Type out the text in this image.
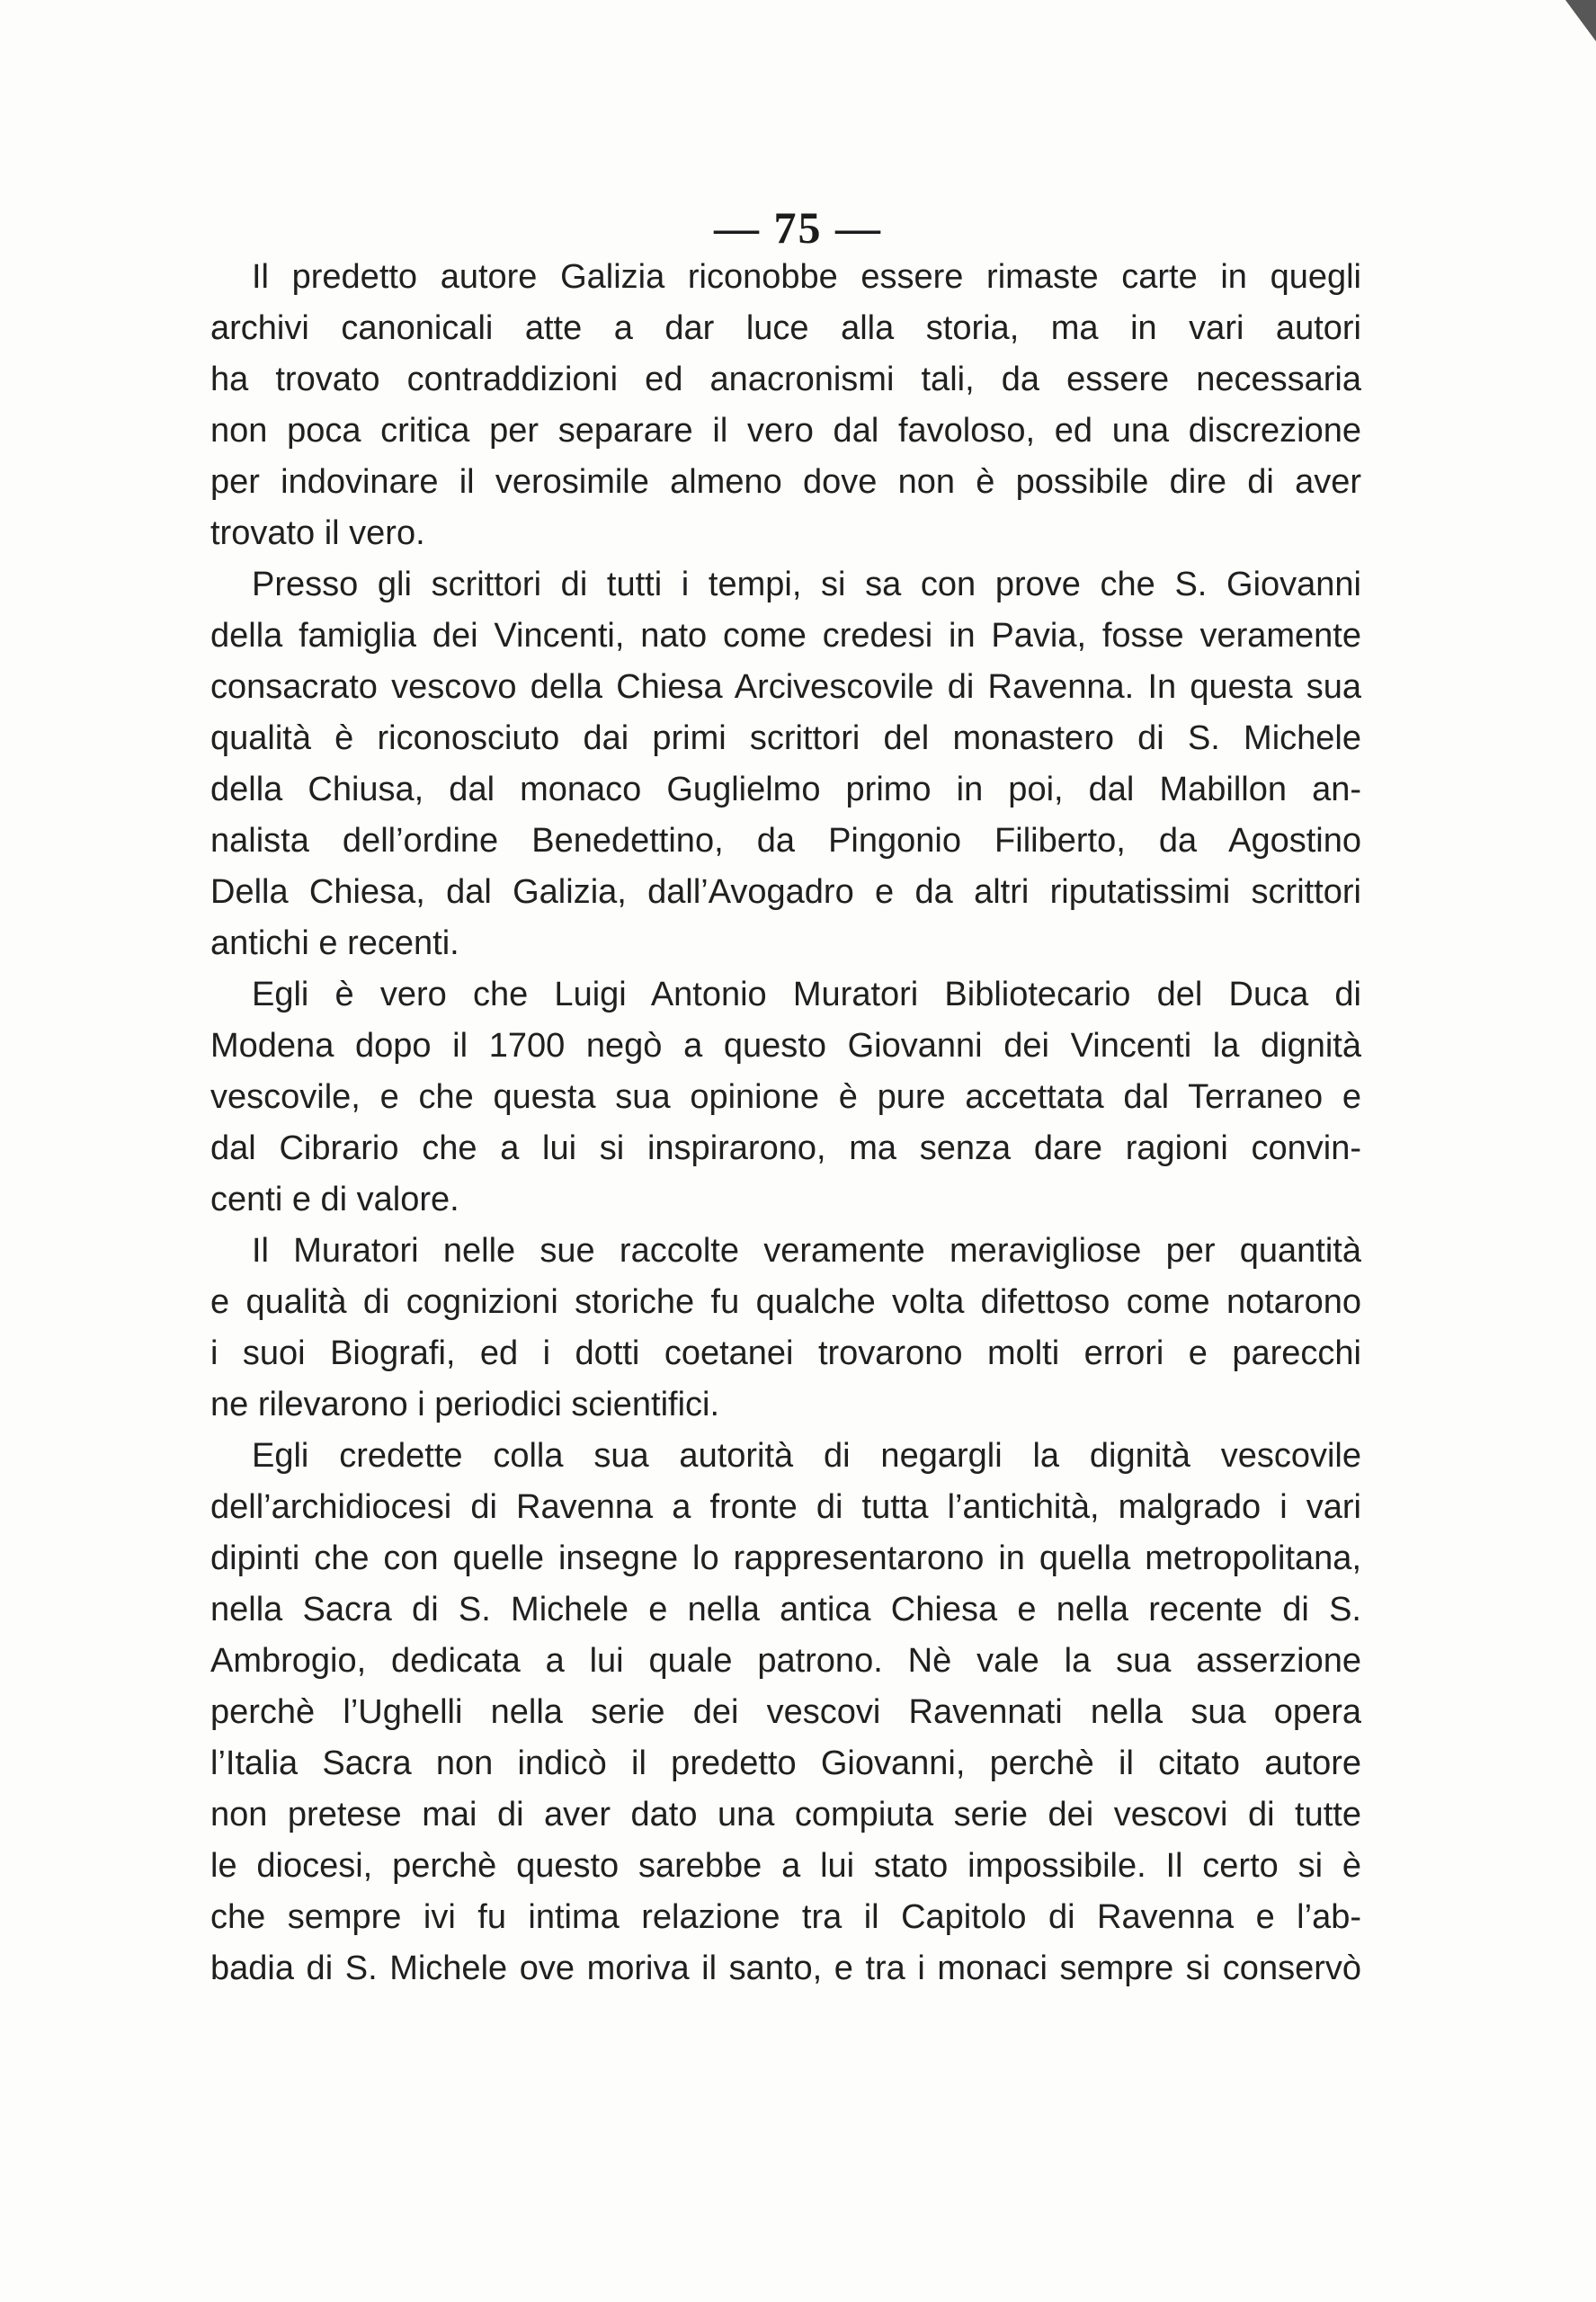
— 75 —

Il predetto autore Galizia riconobbe essere rimaste carte in quegli
archivi canonicali atte a dar luce alla storia, ma in vari autori
ha trovato contraddizioni ed anacronismi tali, da essere necessaria
non poca critica per separare il vero dal favoloso, ed una discrezione
per indovinare il verosimile almeno dove non è possibile dire di aver
trovato il vero.

Presso gli scrittori di tutti i tempi, si sa con prove che S. Giovanni
della famiglia dei Vincenti, nato come credesi in Pavia, fosse veramente
consacrato vescovo della Chiesa Arcivescovile di Ravenna. In questa sua
qualità è riconosciuto dai primi scrittori del monastero di S. Michele
della Chiusa, dal monaco Guglielmo primo in poi, dal Mabillon an-
nalista dell’ordine Benedettino, da Pingonio Filiberto, da Agostino
Della Chiesa, dal Galizia, dall’Avogadro e da altri riputatissimi scrittori
antichi e recenti.

Egli è vero che Luigi Antonio Muratori Bibliotecario del Duca di
Modena dopo il 1700 negò a questo Giovanni dei Vincenti la dignità
vescovile, e che questa sua opinione è pure accettata dal Terraneo e
dal Cibrario che a lui si inspirarono, ma senza dare ragioni convin-
centi e di valore.

Il Muratori nelle sue raccolte veramente meravigliose per quantità
e qualità di cognizioni storiche fu qualche volta difettoso come notarono
i suoi Biografi, ed i dotti coetanei trovarono molti errori e parecchi
ne rilevarono i periodici scientifici.

Egli credette colla sua autorità di negargli la dignità vescovile
dell’archidiocesi di Ravenna a fronte di tutta l’antichità, malgrado i vari
dipinti che con quelle insegne lo rappresentarono in quella metropolitana,
nella Sacra di S. Michele e nella antica Chiesa e nella recente di S.
Ambrogio, dedicata a lui quale patrono. Nè vale la sua asserzione
perchè l’Ughelli nella serie dei vescovi Ravennati nella sua opera
l’Italia Sacra non indicò il predetto Giovanni, perchè il citato autore
non pretese mai di aver dato una compiuta serie dei vescovi di tutte
le diocesi, perchè questo sarebbe a lui stato impossibile. Il certo si è
che sempre ivi fu intima relazione tra il Capitolo di Ravenna e l’ab-
badia di S. Michele ove moriva il santo, e tra i monaci sempre si conservò
